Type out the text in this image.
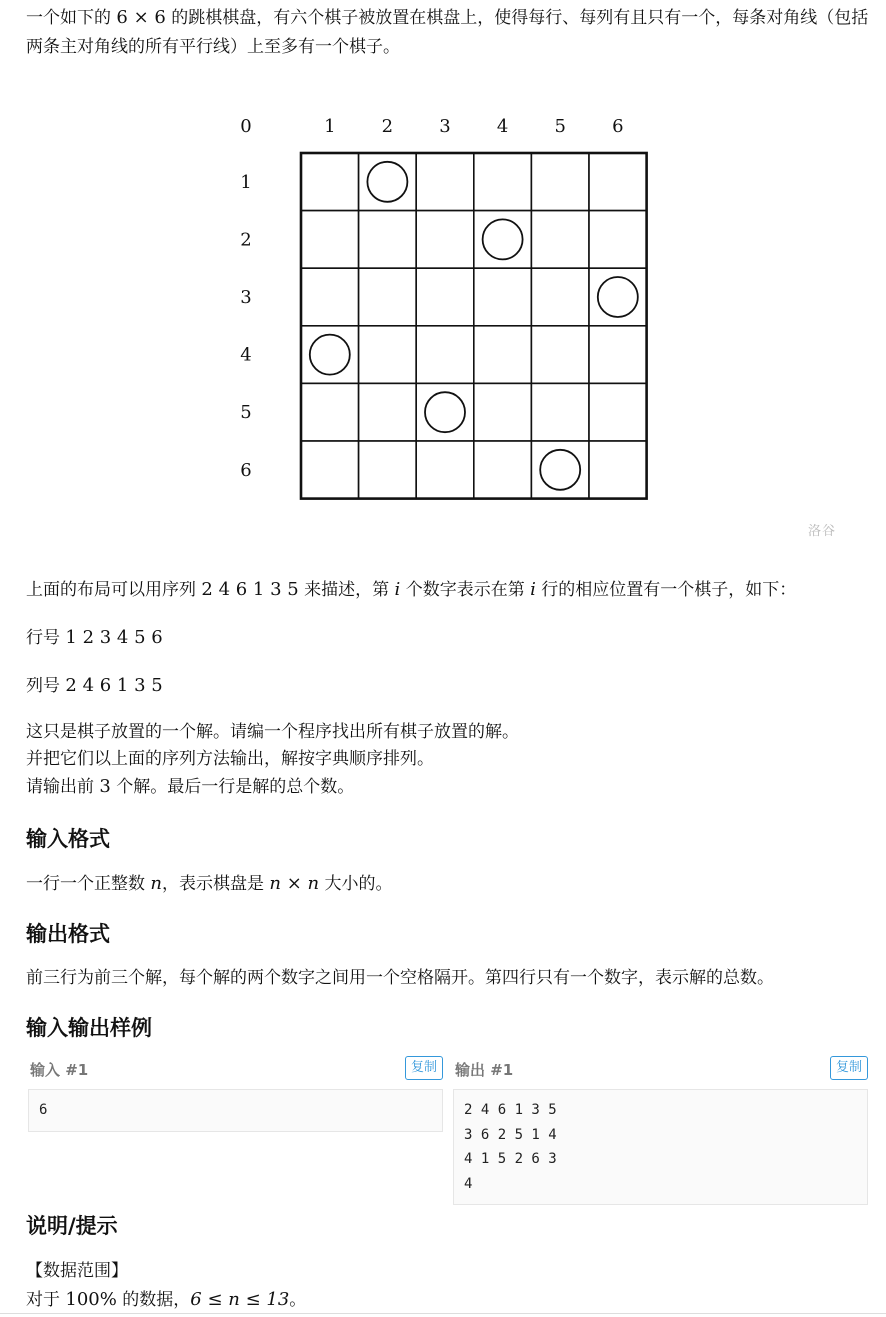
一个如下的 6 × 6 的跳棋棋盘，有六个棋子被放置在棋盘上，使得每行、每列有且只有一个，每条对角线（包括两条主对角线的所有平行线）上至多有一个棋子。

0	1	2	3	4	5	6
1
2
3
4
5
6

上面的布局可以用序列 2 4 6 1 3 5 来描述，第 i 个数字表示在第 i 行的相应位置有一个棋子，如下：

行号 1 2 3 4 5 6

列号 2 4 6 1 3 5

这只是棋子放置的一个解。请编一个程序找出所有棋子放置的解。
并把它们以上面的序列方法输出，解按字典顺序排列。
请输出前 3 个解。最后一行是解的总个数。
输入格式

一行一个正整数 n，表示棋盘是 n × n 大小的。

输出格式

前三行为前三个解，每个解的两个数字之间用一个空格隔开。第四行只有一个数字，表示解的总数。

输入输出样例
输入 #1	复制
6
输出 #1	复制
2 4 6 1 3 5
3 6 2 5 1 4
4 1 5 2 6 3
4
说明/提示

【数据范围】

对于 100% 的数据，6 ≤ n ≤ 13。

洛谷
